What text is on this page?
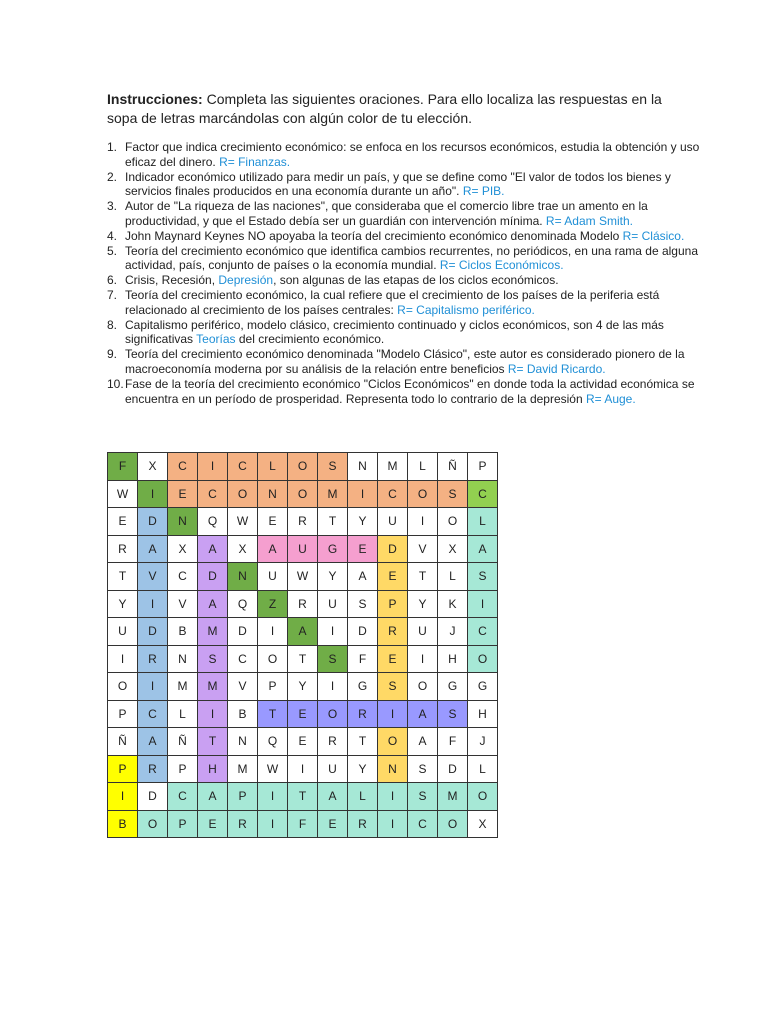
Instrucciones: Completa las siguientes oraciones. Para ello localiza las respuestas en la sopa de letras marcándolas con algún color de tu elección.

1. Factor que indica crecimiento económico: se enfoca en los recursos económicos, estudia la obtención y uso eficaz del dinero. R= Finanzas.
2. Indicador económico utilizado para medir un país, y que se define como "El valor de todos los bienes y servicios finales producidos en una economía durante un año". R= PIB.
3. Autor de "La riqueza de las naciones", que consideraba que el comercio libre trae un amento en la productividad, y que el Estado debía ser un guardián con intervención mínima. R= Adam Smith.
4. John Maynard Keynes NO apoyaba la teoría del crecimiento económico denominada Modelo R= Clásico.
5. Teoría del crecimiento económico que identifica cambios recurrentes, no periódicos, en una rama de alguna actividad, país, conjunto de países o la economía mundial. R= Ciclos Económicos.
6. Crisis, Recesión, Depresión, son algunas de las etapas de los ciclos económicos.
7. Teoría del crecimiento económico, la cual refiere que el crecimiento de los países de la periferia está relacionado al crecimiento de los países centrales: R= Capitalismo periférico.
8. Capitalismo periférico, modelo clásico, crecimiento continuado y ciclos económicos, son 4 de las más significativas Teorías del crecimiento económico.
9. Teoría del crecimiento económico denominada "Modelo Clásico", este autor es considerado pionero de la macroeconomía moderna por su análisis de la relación entre beneficios R= David Ricardo.
10. Fase de la teoría del crecimiento económico "Ciclos Económicos" en donde toda la actividad económica se encuentra en un período de prosperidad. Representa todo lo contrario de la depresión R= Auge.
F	X	C	I	C	L	O	S	N	M	L	Ñ	P
W	I	E	C	O	N	O	M	I	C	O	S	C
E	D	N	Q	W	E	R	T	Y	U	I	O	L
R	A	X	A	X	A	U	G	E	D	V	X	A
T	V	C	D	N	U	W	Y	A	E	T	L	S
Y	I	V	A	Q	Z	R	U	S	P	Y	K	I
U	D	B	M	D	I	A	I	D	R	U	J	C
I	R	N	S	C	O	T	S	F	E	I	H	O
O	I	M	M	V	P	Y	I	G	S	O	G	G
P	C	L	I	B	T	E	O	R	I	A	S	H
Ñ	A	Ñ	T	N	Q	E	R	T	O	A	F	J
P	R	P	H	M	W	I	U	Y	N	S	D	L
I	D	C	A	P	I	T	A	L	I	S	M	O
B	O	P	E	R	I	F	E	R	I	C	O	X
